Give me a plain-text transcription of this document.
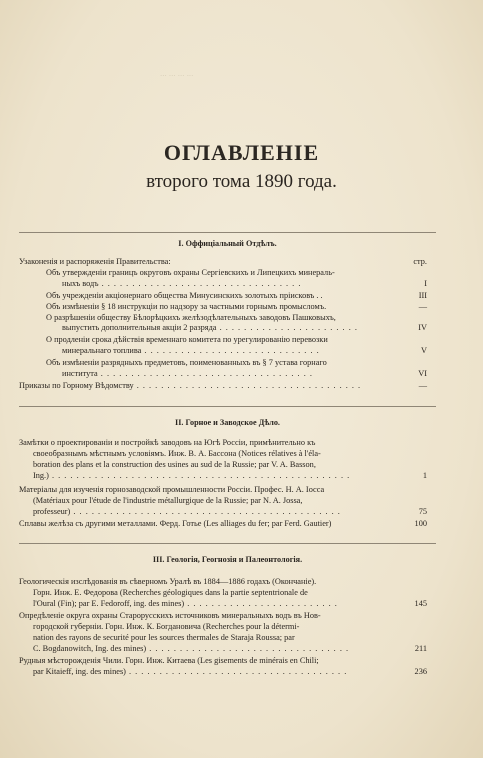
... ... ... ...
ОГЛАВЛЕНІЕ
второго тома 1890 года.
I. Оффиціальный Отдѣлъ.
Узаконенія и распоряженія Правительства:	стр.
Объ утвержденіи границъ округовъ охраны Сергіевскихъ и Липецкихъ минераль-
ныхъ водъ . . . . . . . . . . . . . . . . . . . . . . . . . . . . . . . . .	I
Объ учрежденіи акціонернаго общества Минусинскихъ золотыхъ пріисковъ . .	III
Объ измѣненіи § 18 инструкціи по надзору за частными горнымъ промысломъ.	—
О разрѣшеніи обществу Бѣлорѣцкихъ желѣзодѣлательныхъ заводовъ Пашковыхъ,
выпустить дополнительныя акціи 2 разряда . . . . . . . . . . . . . . . . . . . . . . .	IV
О продленіи срока дѣйствія временнаго комитета по урегулированію перевозки
минеральнаго топлива . . . . . . . . . . . . . . . . . . . . . . . . . . . . .	V
Объ измѣненіи разрядныхъ предметовъ, поименованныхъ въ § 7 устава горнаго
института . . . . . . . . . . . . . . . . . . . . . . . . . . . . . . . . . . .	VI
Приказы по Горному Вѣдомству . . . . . . . . . . . . . . . . . . . . . . . . . . . . . . . . . . . . .	—
II. Горное и Заводское Дѣло.
Замѣтки о проектированіи и постройкѣ заводовъ на Югѣ Россіи, примѣнительно къ
своеобразнымъ мѣстнымъ условіямъ. Инж. В. А. Бассона (Notices rélatives à l'éla-
boration des plans et la construction des usines au sud de la Russie; par V. A. Basson,
Ing.) . . . . . . . . . . . . . . . . . . . . . . . . . . . . . . . . . . . . . . . . . . . . . . . . .	1
Матеріалы для изученія горнозаводской промышленности Россіи. Профес. Н. А. Іосса
(Matériaux pour l'étude de l'industrie métallurgique de la Russie; par N. A. Jossa,
professeur) . . . . . . . . . . . . . . . . . . . . . . . . . . . . . . . . . . . . . . . . . . . .	75
Сплавы желѣза съ другими металлами. Ферд. Готье (Les alliages du fer; par Ferd. Gautier)	100
III. Геологія, Геогнозія и Палеонтологія.
Геологическія изслѣдованія въ сѣверномъ Уралѣ въ 1884—1886 годахъ (Окончаніе).
Горн. Инж. Е. Федорова (Recherches géologiques dans la partie septentrionale de
l'Oural (Fin); par E. Fedoroff, ing. des mines) . . . . . . . . . . . . . . . . . . . . . . . . .	145
Опредѣленіе округа охраны Старорусскихъ источниковъ минеральныхъ водъ въ Нов-
городской губерніи. Горн. Инж. К. Богдановича (Recherches pour la détermi-
nation des rayons de securité pour les sources thermales de Staraja Roussa; par
C. Bogdanowitch, Ing. des mines) . . . . . . . . . . . . . . . . . . . . . . . . . . . . . . . . .	211
Рудныя мѣсторожденія Чили. Горн. Инж. Китаева (Les gisements de minérais en Chili;
par Kitaieff, ing. des mines) . . . . . . . . . . . . . . . . . . . . . . . . . . . . . . . . . . . .	236
